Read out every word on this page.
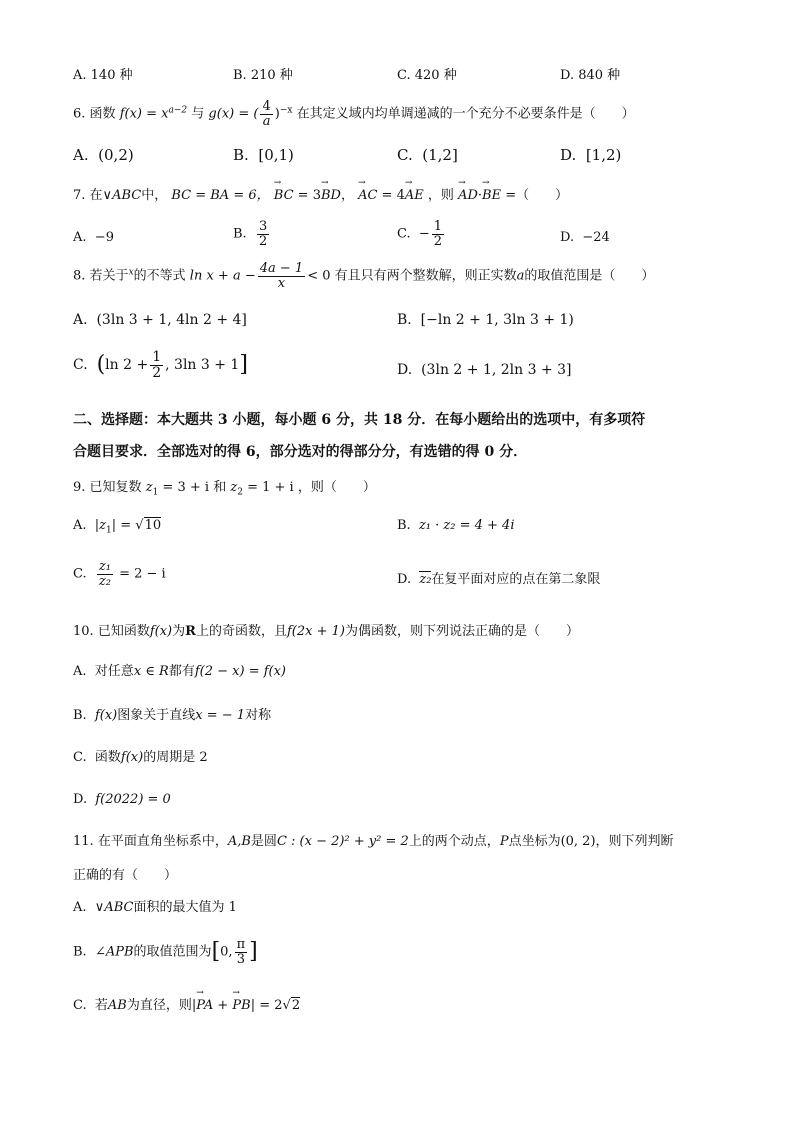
A. 140 种	B. 210 种	C. 420 种	D. 840 种
6. 函数 $f(x) = x^{a-2}$ 与 g(x) = ( $\frac{4}{a} )^{-x}$ 在其定义域内均单调递减的一个充分不必要条件是（　　）
A. (0,2)	B. [0,1)	C. (1,2]	D. [1,2)
7. 在∨ABC中， BC = BA = 6， → BC = 3→ BD， → AC = 4→ AE ，则 → AD·→ BE =（　　）
A. −9	B. $\frac{3}{2}$	C. − $\frac{1}{2}$	D. −24
8. 若关于$^x$的不等式 $\ln x + a - \frac{4a - 1}{x} < 0$ 有且只有两个整数解，则正实数a的取值范围是（　　）
A. (3ln 3 + 1, 4ln 2 + 4]	B. [−ln 2 + 1, 3ln 3 + 1)
C. (ln $2 + \frac{1}{2}$ , 3ln 3 + 1]	D. (3ln 2 + 1, 2ln 3 + 3]
二、选择题：本大题共 3 小题，每小题 6 分，共 18 分．在每小题给出的选项中，有多项符
合题目要求．全部选对的得 6，部分选对的得部分分，有选错的得 0 分．
9. 已知复数 $z_1 = 3 + i$ 和 $z_2 = 1 + i$ ，则（　　）
A. $|z_1| = √10$	B. z₁ · z₂ = 4 + 4i
C. $\frac{\text{z₁}}{\text{z₂}} = 2 - i$	D. z₂在复平面对应的点在第二象限
10. 已知函数f(x)为R上的奇函数，且f(2x + 1)为偶函数，则下列说法正确的是（　　）
A. 对任意x ∈ R都有f(2 − x) = f(x)
B. f(x)图象关于直线x = − 1对称
C. 函数f(x)的周期是 2
D. f(2022) = 0
11. 在平面直角坐标系中，A,B是圆C : (x − 2)² + y² = 2上的两个动点，P点坐标为(0, 2)，则下列判断
正确的有（　　）
A. ∨ABC面积的最大值为 1
B. ∠APB的取值范围为[0, $\frac{\pi}{3}$ ]
C. 若AB为直径，则|→ PA + → PB| = 2√2
